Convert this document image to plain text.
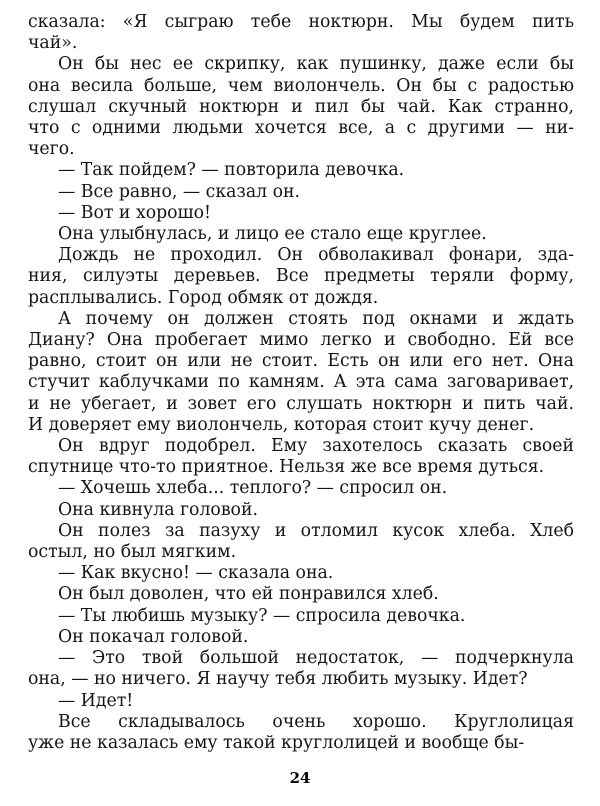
сказала: «Я сыграю тебе ноктюрн. Мы будем пить
чай».
Он бы нес ее скрипку, как пушинку, даже если бы
она весила больше, чем виолончель. Он бы с радостью
слушал скучный ноктюрн и пил бы чай. Как странно,
что с одними людьми хочется все, а с другими — ни-
чего.
— Так пойдем? — повторила девочка.
— Все равно, — сказал он.
— Вот и хорошо!
Она улыбнулась, и лицо ее стало еще круглее.
Дождь не проходил. Он обволакивал фонари, зда-
ния, силуэты деревьев. Все предметы теряли форму,
расплывались. Город обмяк от дождя.
А почему он должен стоять под окнами и ждать
Диану? Она пробегает мимо легко и свободно. Ей все
равно, стоит он или не стоит. Есть он или его нет. Она
стучит каблучками по камням. А эта сама заговаривает,
и не убегает, и зовет его слушать ноктюрн и пить чай.
И доверяет ему виолончель, которая стоит кучу денег.
Он вдруг подобрел. Ему захотелось сказать своей
спутнице что-то приятное. Нельзя же все время дуться.
— Хочешь хлеба... теплого? — спросил он.
Она кивнула головой.
Он полез за пазуху и отломил кусок хлеба. Хлеб
остыл, но был мягким.
— Как вкусно! — сказала она.
Он был доволен, что ей понравился хлеб.
— Ты любишь музыку? — спросила девочка.
Он покачал головой.
— Это твой большой недостаток, — подчеркнула
она, — но ничего. Я научу тебя любить музыку. Идет?
— Идет!
Все складывалось очень хорошо. Круглолицая
уже не казалась ему такой круглолицей и вообще бы-
24
